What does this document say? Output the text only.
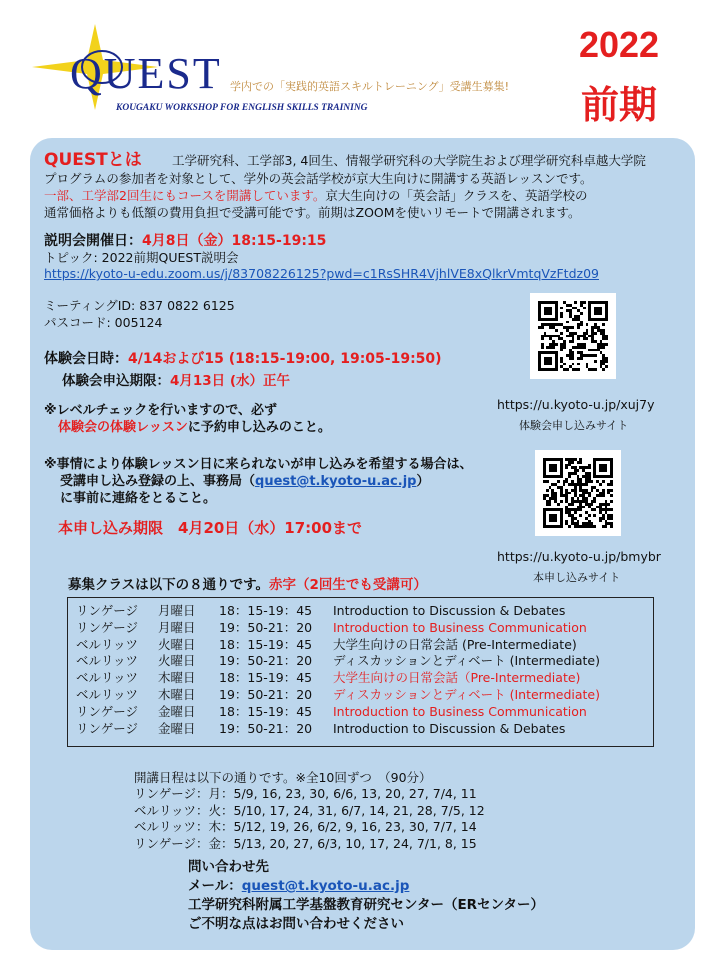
QUEST 学内での「実践的英語スキルトレーニング」受講生募集!
KOUGAKU WORKSHOP FOR ENGLISH SKILLS TRAINING
2022
前期
QUESTとは 工学研究科、工学部3, 4回生、情報学研究科の大学院生および理学研究科卓越大学院
プログラムの参加者を対象として、学外の英会話学校が京大生向けに開講する英語レッスンです。
一部、工学部2回生にもコースを開講しています。京大生向けの「英会話」クラスを、英語学校の
通常価格よりも低額の費用負担で受講可能です。前期はZOOMを使いリモートで開講されます。
説明会開催日：4月8日（金）18:15-19:15
トピック: 2022前期QUEST説明会
https://kyoto-u-edu.zoom.us/j/83708226125?pwd=c1RsSHR4VjhlVE8xQlkrVmtqVzFtdz09
ミーティングID: 837 0822 6125
パスコード: 005124
体験会日時：4/14および15 (18:15-19:00, 19:05-19:50)
体験会申込期限：4月13日 (水）正午
※レベルチェックを行いますので、必ず
体験会の体験レッスンに予約申し込みのこと。
https://u.kyoto-u.jp/xuj7y
体験会申し込みサイト
※事情により体験レッスン日に来られないが申し込みを希望する場合は、
受講申し込み登録の上、事務局（quest@t.kyoto-u.ac.jp）
に事前に連絡をとること。
本申し込み期限　4月20日（水）17:00まで
https://u.kyoto-u.jp/bmybr
本申し込みサイト
募集クラスは以下の８通りです。赤字（2回生でも受講可）
リンゲージ 月曜日 18：15-19：45 Introduction to Discussion & Debates
リンゲージ 月曜日 19：50-21：20 Introduction to Business Communication
ベルリッツ 火曜日 18：15-19：45 大学生向けの日常会話 (Pre-Intermediate)
ベルリッツ 火曜日 19：50-21：20 ディスカッションとディベート (Intermediate)
ベルリッツ 木曜日 18：15-19：45 大学生向けの日常会話（Pre-Intermediate)
ベルリッツ 木曜日 19：50-21：20 ディスカッションとディベート (Intermediate)
リンゲージ 金曜日 18：15-19：45 Introduction to Business Communication
リンゲージ 金曜日 19：50-21：20 Introduction to Discussion & Debates
開講日程は以下の通りです。※全10回ずつ　（90分）
リンゲージ：月：5/9, 16, 23, 30, 6/6, 13, 20, 27, 7/4, 11
ベルリッツ：火：5/10, 17, 24, 31, 6/7, 14, 21, 28, 7/5, 12
ベルリッツ：木：5/12, 19, 26, 6/2, 9, 16, 23, 30, 7/7, 14
リンゲージ：金：5/13, 20, 27, 6/3, 10, 17, 24, 7/1, 8, 15
問い合わせ先
メール：quest@t.kyoto-u.ac.jp
工学研究科附属工学基盤教育研究センター（ERセンター）
ご不明な点はお問い合わせください
